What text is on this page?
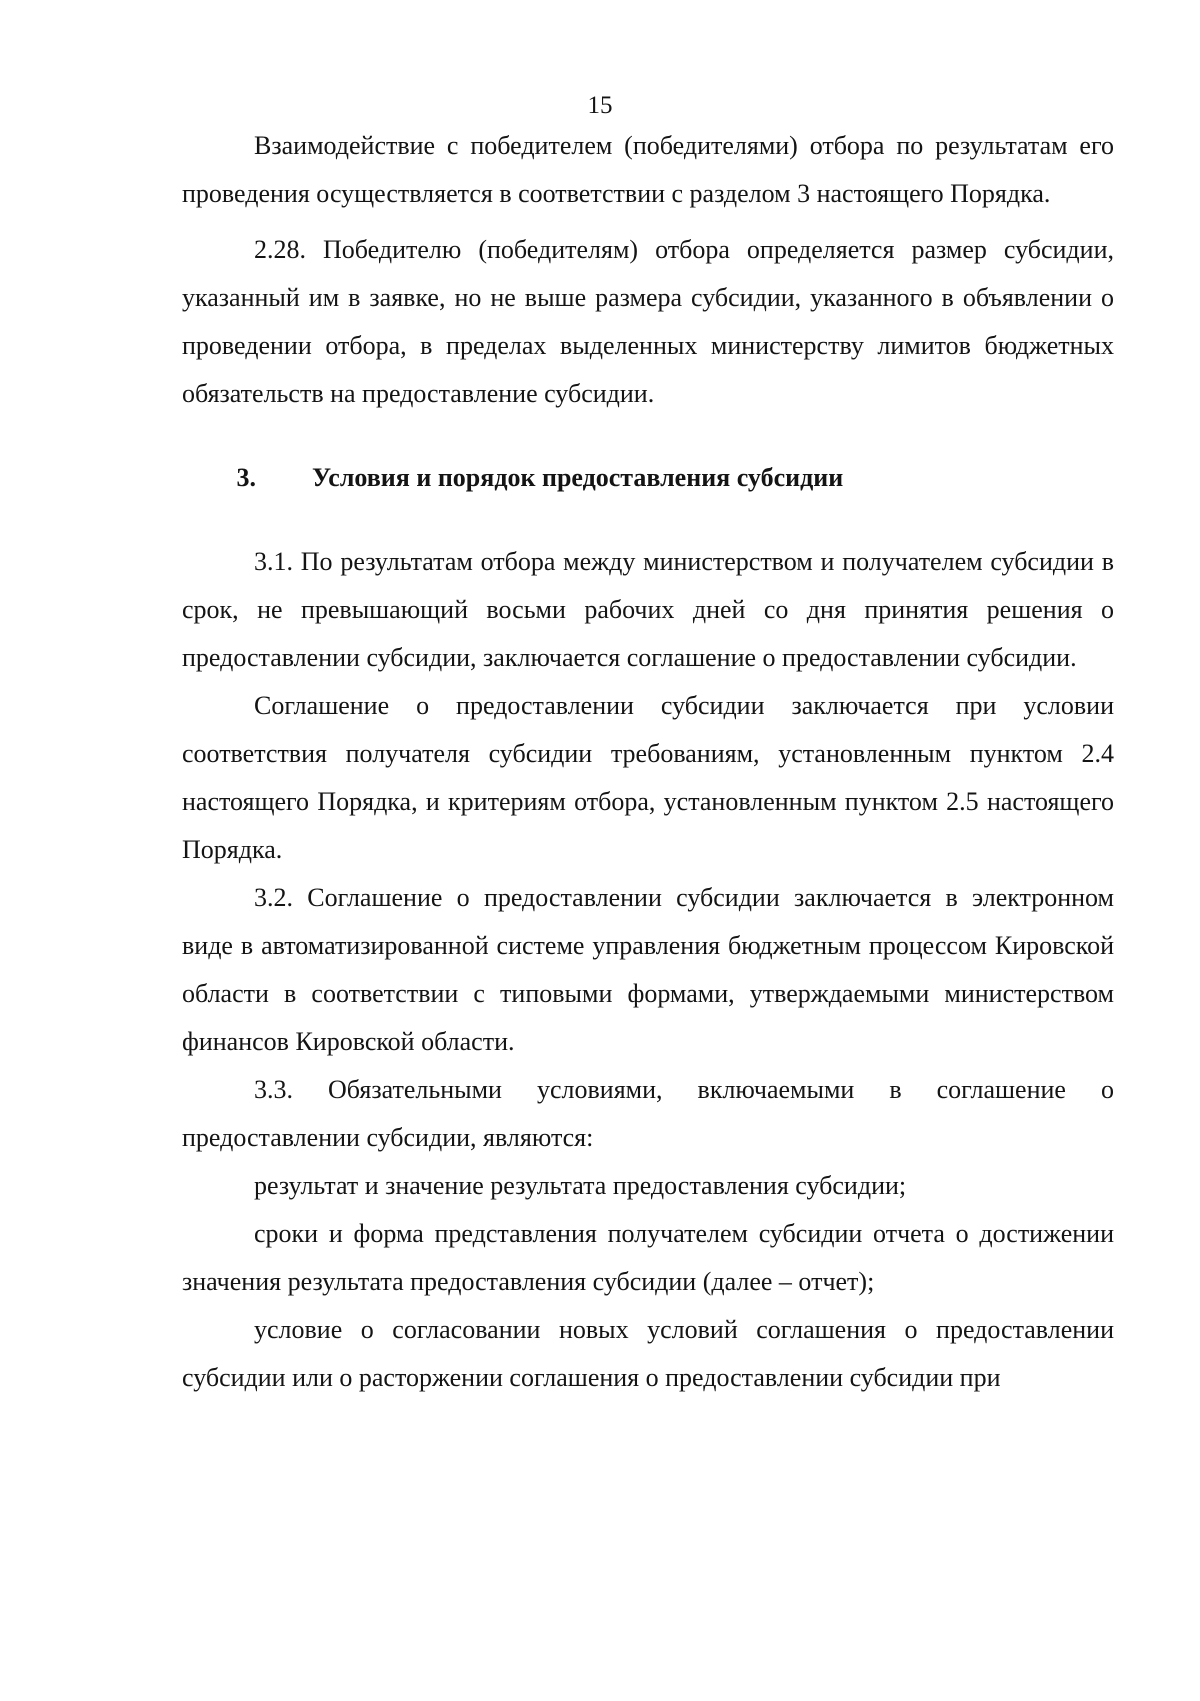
15

Взаимодействие с победителем (победителями) отбора по результатам его проведения осуществляется в соответствии с разделом 3 настоящего Порядка.

2.28. Победителю (победителям) отбора определяется размер субсидии, указанный им в заявке, но не выше размера субсидии, указанного в объявлении о проведении отбора, в пределах выделенных министерству лимитов бюджетных обязательств на предоставление субсидии.

3. Условия и порядок предоставления субсидии

3.1. По результатам отбора между министерством и получателем субсидии в срок, не превышающий восьми рабочих дней со дня принятия решения о предоставлении субсидии, заключается соглашение о предоставлении субсидии.

Соглашение о предоставлении субсидии заключается при условии соответствия получателя субсидии требованиям, установленным пунктом 2.4 настоящего Порядка, и критериям отбора, установленным пунктом 2.5 настоящего Порядка.

3.2. Соглашение о предоставлении субсидии заключается в электронном виде в автоматизированной системе управления бюджетным процессом Кировской области в соответствии с типовыми формами, утверждаемыми министерством финансов Кировской области.

3.3. Обязательными условиями, включаемыми в соглашение о предоставлении субсидии, являются:

результат и значение результата предоставления субсидии;

сроки и форма представления получателем субсидии отчета о достижении значения результата предоставления субсидии (далее – отчет);

условие о согласовании новых условий соглашения о предоставлении субсидии или о расторжении соглашения о предоставлении субсидии при
